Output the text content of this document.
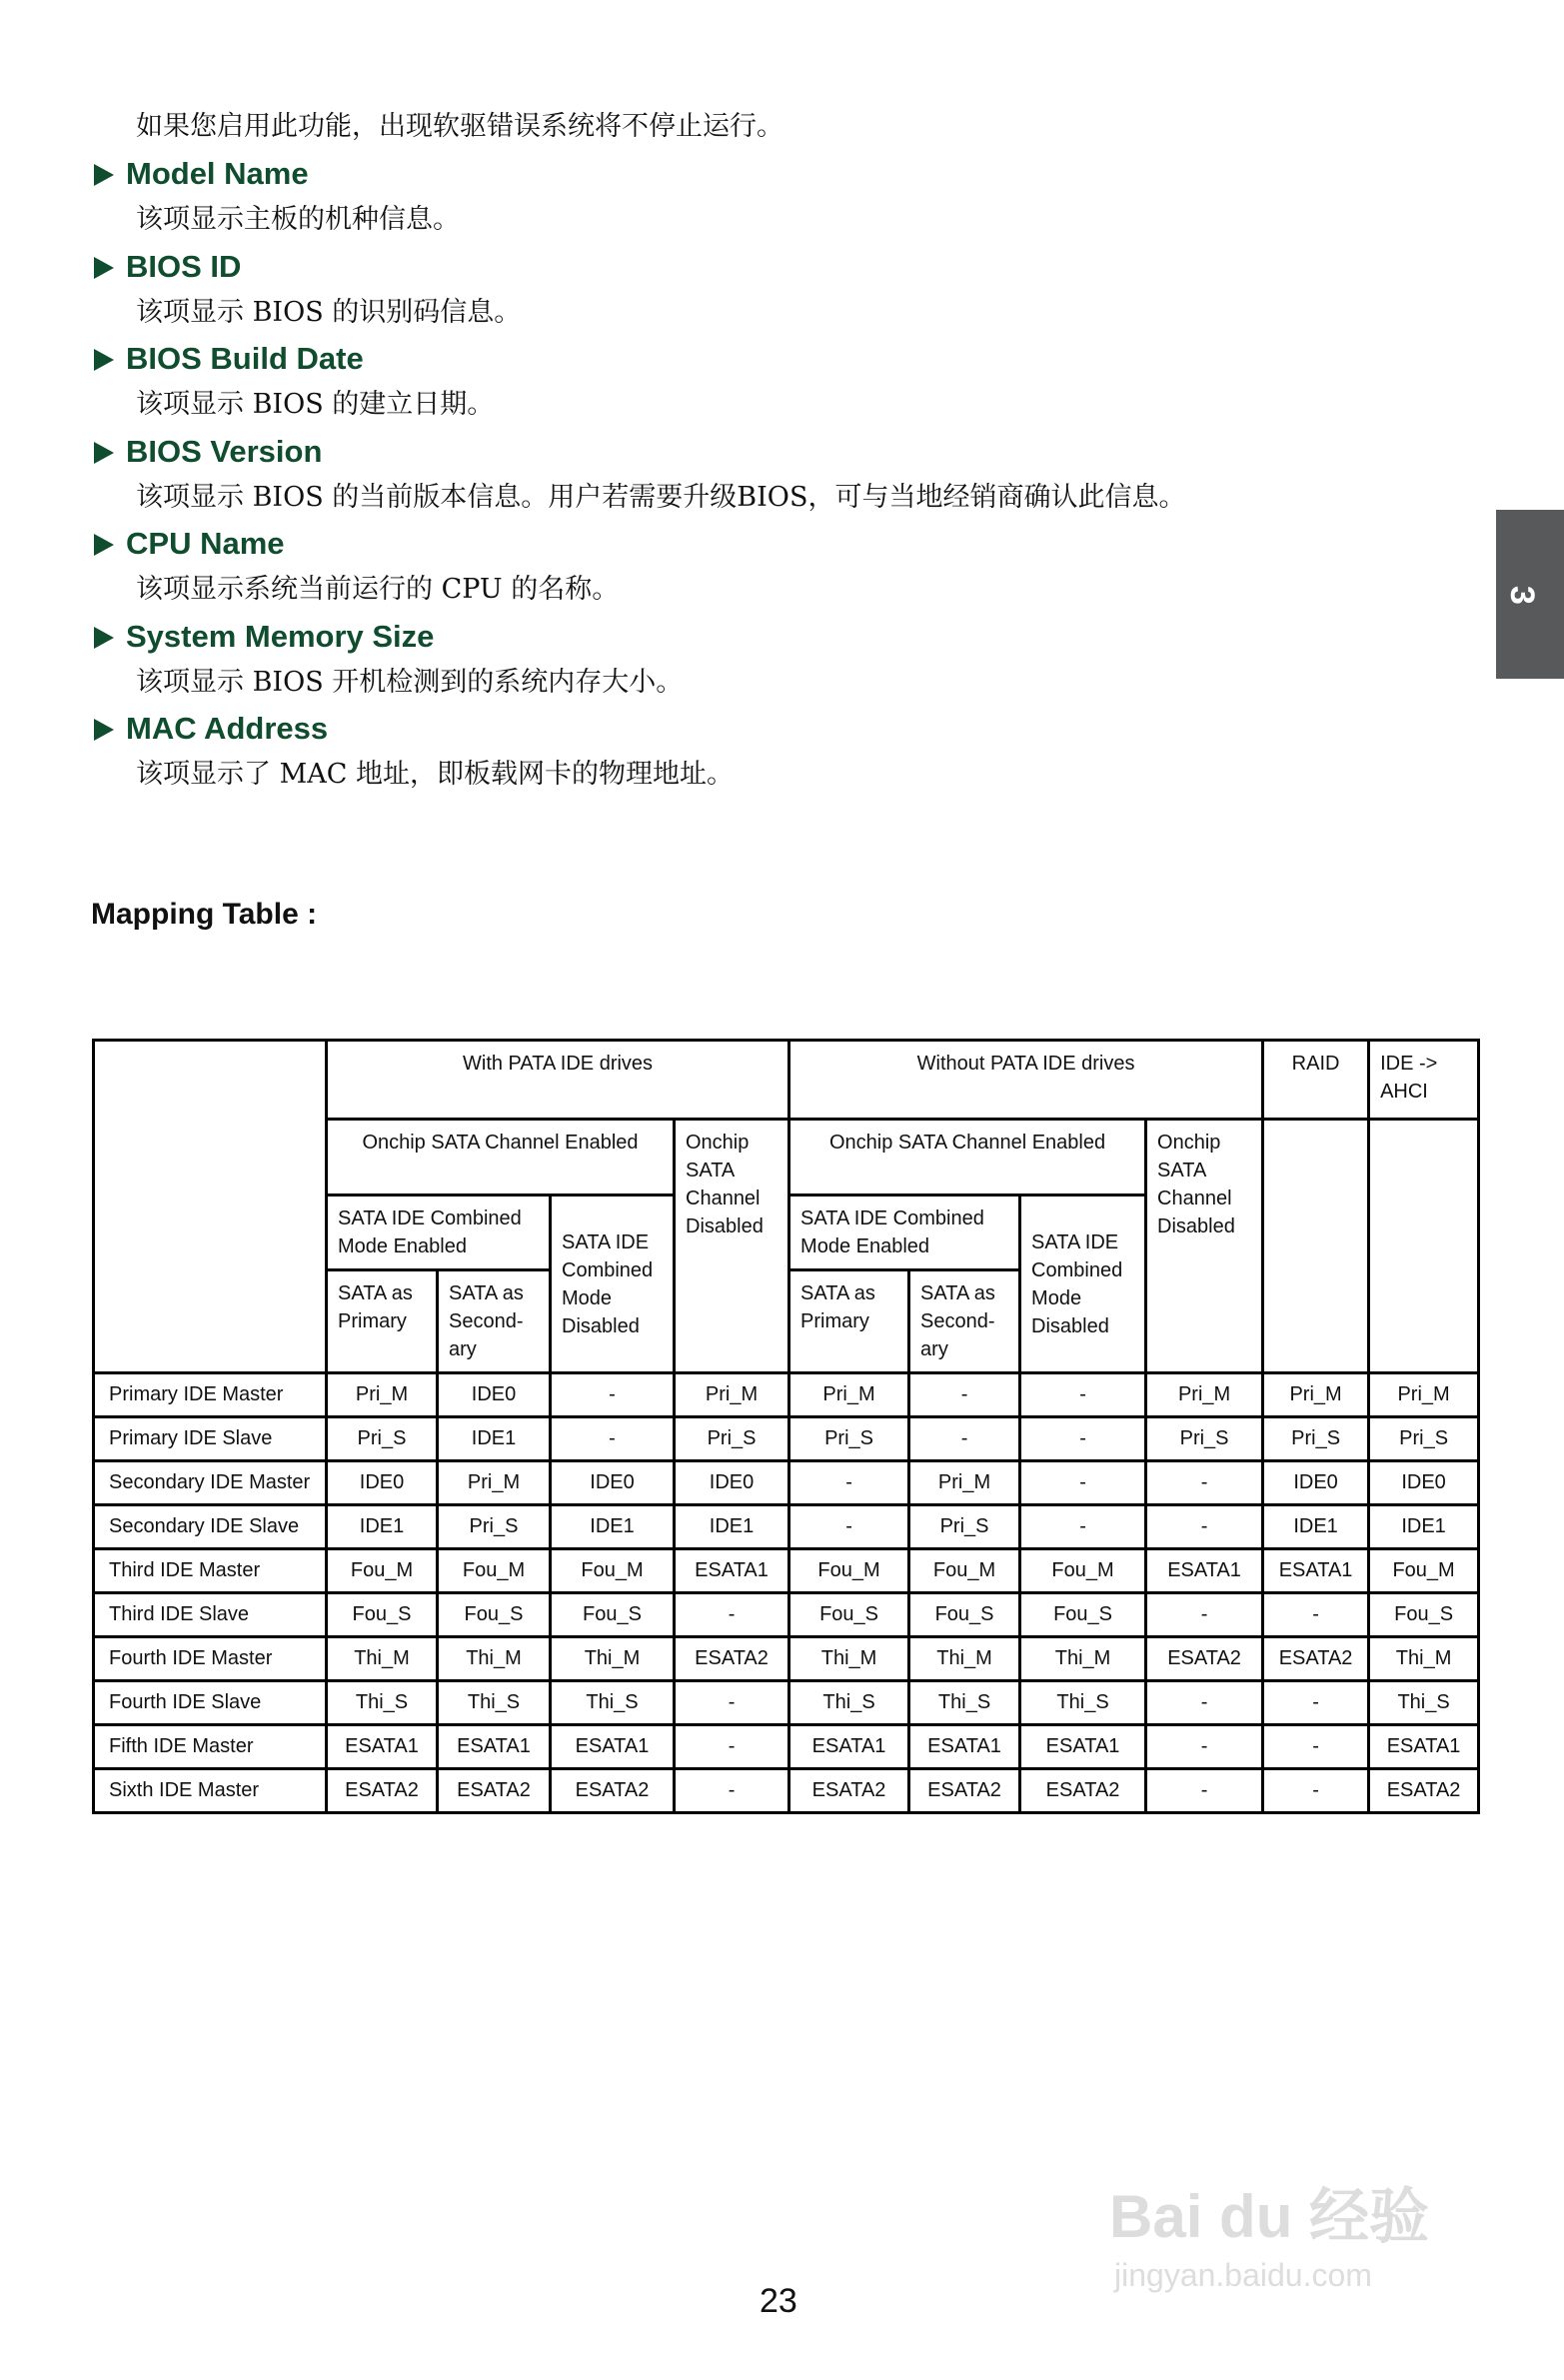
如果您启用此功能，出现软驱错误系统将不停止运行。
Model Name
该项显示主板的机种信息。
BIOS ID
该项显示 BIOS 的识别码信息。
BIOS Build Date
该项显示 BIOS 的建立日期。
BIOS Version
该项显示 BIOS 的当前版本信息。用户若需要升级BIOS，可与当地经销商确认此信息。
CPU Name
该项显示系统当前运行的 CPU 的名称。
System Memory Size
该项显示 BIOS 开机检测到的系统内存大小。
MAC Address
该项显示了 MAC 地址，即板载网卡的物理地址。
Mapping Table :
	With PATA IDE drives				Without PATA IDE drives				RAID	IDE -> AHCI
	Onchip SATA Channel Enabled			Onchip SATA Channel Disabled	Onchip SATA Channel Enabled			Onchip SATA Channel Disabled		
	SATA IDE Combined Mode Enabled		SATA IDE Combined Mode Disabled		SATA IDE Combined Mode Enabled		SATA IDE Combined Mode Disabled			
	SATA as Primary	SATA as Second-ary			SATA as Primary	SATA as Second-ary				
Primary IDE Master	Pri_M	IDE0	-	Pri_M	Pri_M	-	-	Pri_M	Pri_M	Pri_M
Primary IDE Slave	Pri_S	IDE1	-	Pri_S	Pri_S	-	-	Pri_S	Pri_S	Pri_S
Secondary IDE Master	IDE0	Pri_M	IDE0	IDE0	-	Pri_M	-	-	IDE0	IDE0
Secondary IDE Slave	IDE1	Pri_S	IDE1	IDE1	-	Pri_S	-	-	IDE1	IDE1
Third IDE Master	Fou_M	Fou_M	Fou_M	ESATA1	Fou_M	Fou_M	Fou_M	ESATA1	ESATA1	Fou_M
Third IDE Slave	Fou_S	Fou_S	Fou_S	-	Fou_S	Fou_S	Fou_S	-	-	Fou_S
Fourth IDE Master	Thi_M	Thi_M	Thi_M	ESATA2	Thi_M	Thi_M	Thi_M	ESATA2	ESATA2	Thi_M
Fourth IDE Slave	Thi_S	Thi_S	Thi_S	-	Thi_S	Thi_S	Thi_S	-	-	Thi_S
Fifth IDE Master	ESATA1	ESATA1	ESATA1	-	ESATA1	ESATA1	ESATA1	-	-	ESATA1
Sixth IDE Master	ESATA2	ESATA2	ESATA2	-	ESATA2	ESATA2	ESATA2	-	-	ESATA2
3
23
Bai du 经验
jingyan.baidu.com
